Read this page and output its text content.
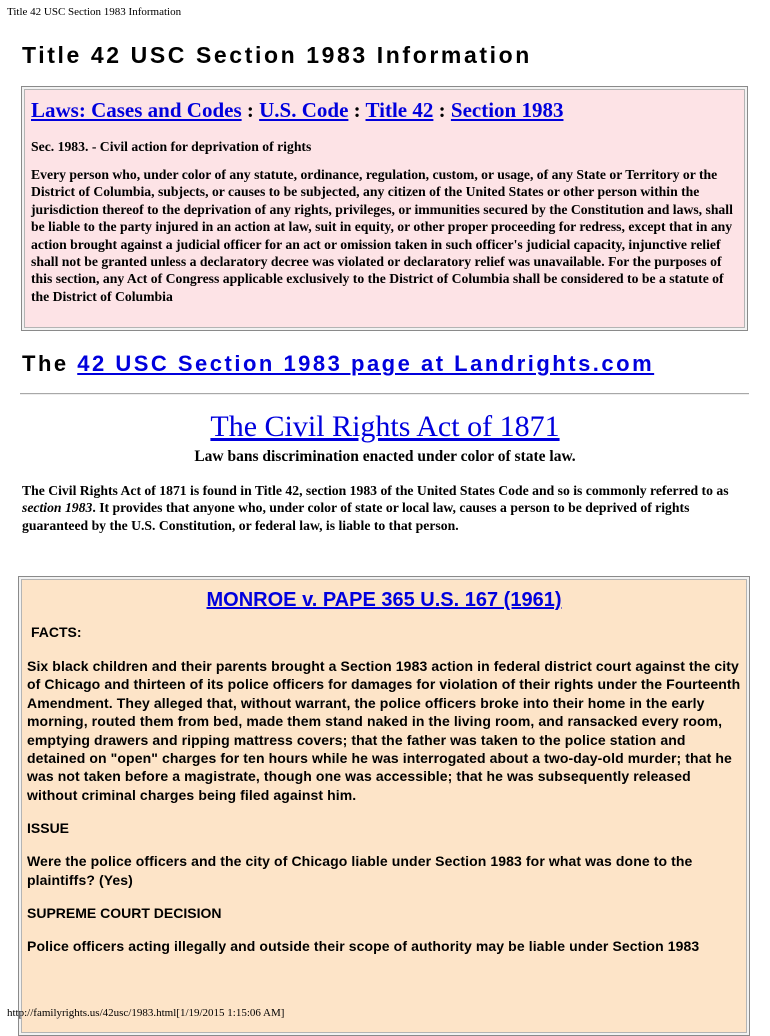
Title 42 USC Section 1983 Information
Title 42 USC Section 1983 Information
Laws: Cases and Codes : U.S. Code : Title 42 : Section 1983
Sec. 1983. - Civil action for deprivation of rights
Every person who, under color of any statute, ordinance, regulation, custom, or usage, of any State or Territory or the District of Columbia, subjects, or causes to be subjected, any citizen of the United States or other person within the jurisdiction thereof to the deprivation of any rights, privileges, or immunities secured by the Constitution and laws, shall be liable to the party injured in an action at law, suit in equity, or other proper proceeding for redress, except that in any action brought against a judicial officer for an act or omission taken in such officer's judicial capacity, injunctive relief shall not be granted unless a declaratory decree was violated or declaratory relief was unavailable. For the purposes of this section, any Act of Congress applicable exclusively to the District of Columbia shall be considered to be a statute of the District of Columbia
The 42 USC Section 1983 page at Landrights.com
The Civil Rights Act of 1871
Law bans discrimination enacted under color of state law.
The Civil Rights Act of 1871 is found in Title 42, section 1983 of the United States Code and so is commonly referred to as section 1983. It provides that anyone who, under color of state or local law, causes a person to be deprived of rights guaranteed by the U.S. Constitution, or federal law, is liable to that person.
MONROE v. PAPE 365 U.S. 167 (1961)
FACTS:
Six black children and their parents brought a Section 1983 action in federal district court against the city of Chicago and thirteen of its police officers for damages for violation of their rights under the Fourteenth Amendment. They alleged that, without warrant, the police officers broke into their home in the early morning, routed them from bed, made them stand naked in the living room, and ransacked every room, emptying drawers and ripping mattress covers; that the father was taken to the police station and detained on "open" charges for ten hours while he was interrogated about a two-day-old murder; that he was not taken before a magistrate, though one was accessible; that he was subsequently released without criminal charges being filed against him.
ISSUE
Were the police officers and the city of Chicago liable under Section 1983 for what was done to the plaintiffs? (Yes)
SUPREME COURT DECISION
Police officers acting illegally and outside their scope of authority may be liable under Section 1983
http://familyrights.us/42usc/1983.html[1/19/2015 1:15:06 AM]
